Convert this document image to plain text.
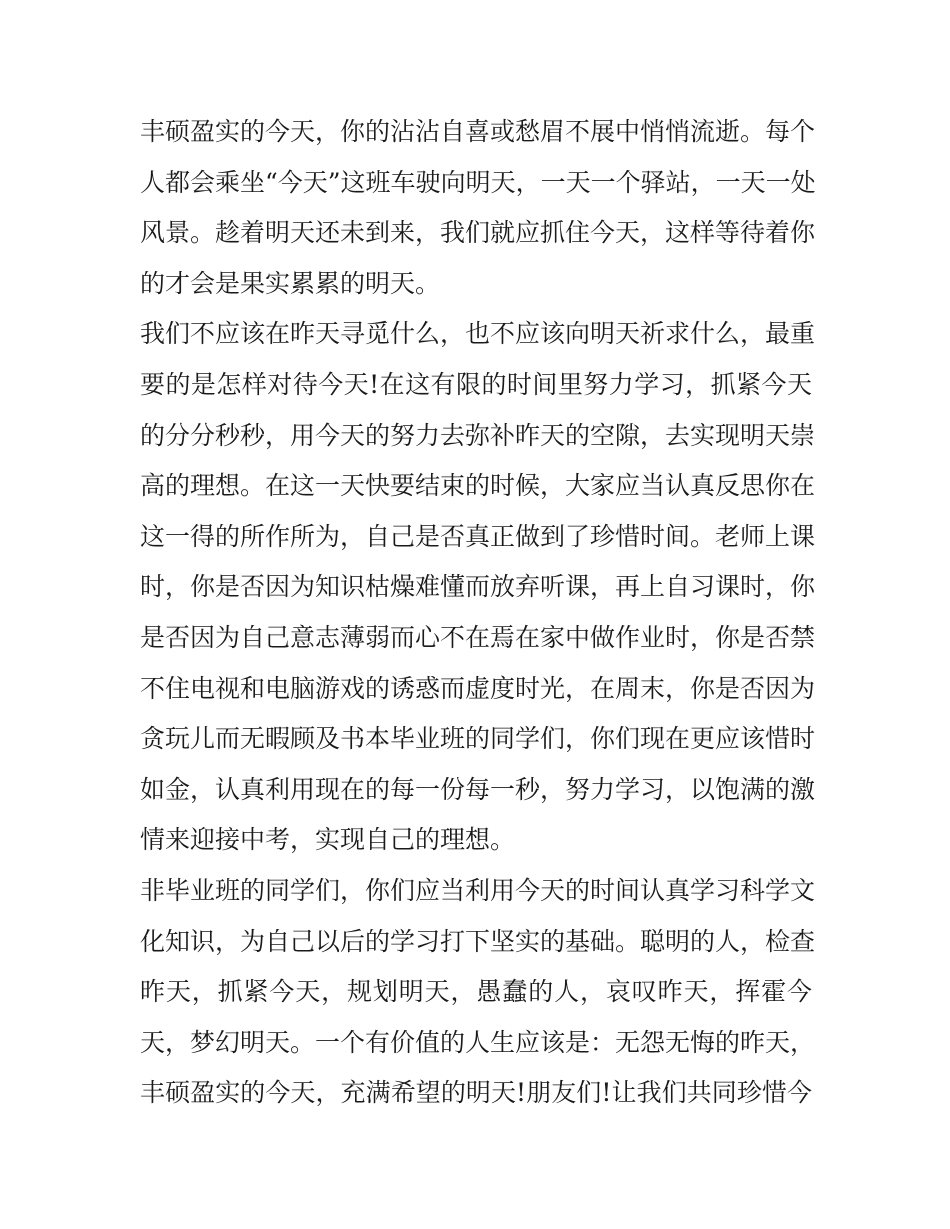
丰硕盈实的今天，你的沾沾自喜或愁眉不展中悄悄流逝。每个
人都会乘坐“今天”这班车驶向明天，一天一个驿站，一天一处
风景。趁着明天还未到来，我们就应抓住今天，这样等待着你
的才会是果实累累的明天。
我们不应该在昨天寻觅什么，也不应该向明天祈求什么，最重
要的是怎样对待今天!在这有限的时间里努力学习，抓紧今天
的分分秒秒，用今天的努力去弥补昨天的空隙，去实现明天崇
高的理想。在这一天快要结束的时候，大家应当认真反思你在
这一得的所作所为，自己是否真正做到了珍惜时间。老师上课
时，你是否因为知识枯燥难懂而放弃听课，再上自习课时，你
是否因为自己意志薄弱而心不在焉在家中做作业时，你是否禁
不住电视和电脑游戏的诱惑而虚度时光，在周末，你是否因为
贪玩儿而无暇顾及书本毕业班的同学们，你们现在更应该惜时
如金，认真利用现在的每一份每一秒，努力学习，以饱满的激
情来迎接中考，实现自己的理想。
非毕业班的同学们，你们应当利用今天的时间认真学习科学文
化知识，为自己以后的学习打下坚实的基础。聪明的人，检查
昨天，抓紧今天，规划明天，愚蠢的人，哀叹昨天，挥霍今
天，梦幻明天。一个有价值的人生应该是：无怨无悔的昨天，
丰硕盈实的今天，充满希望的明天!朋友们!让我们共同珍惜今
